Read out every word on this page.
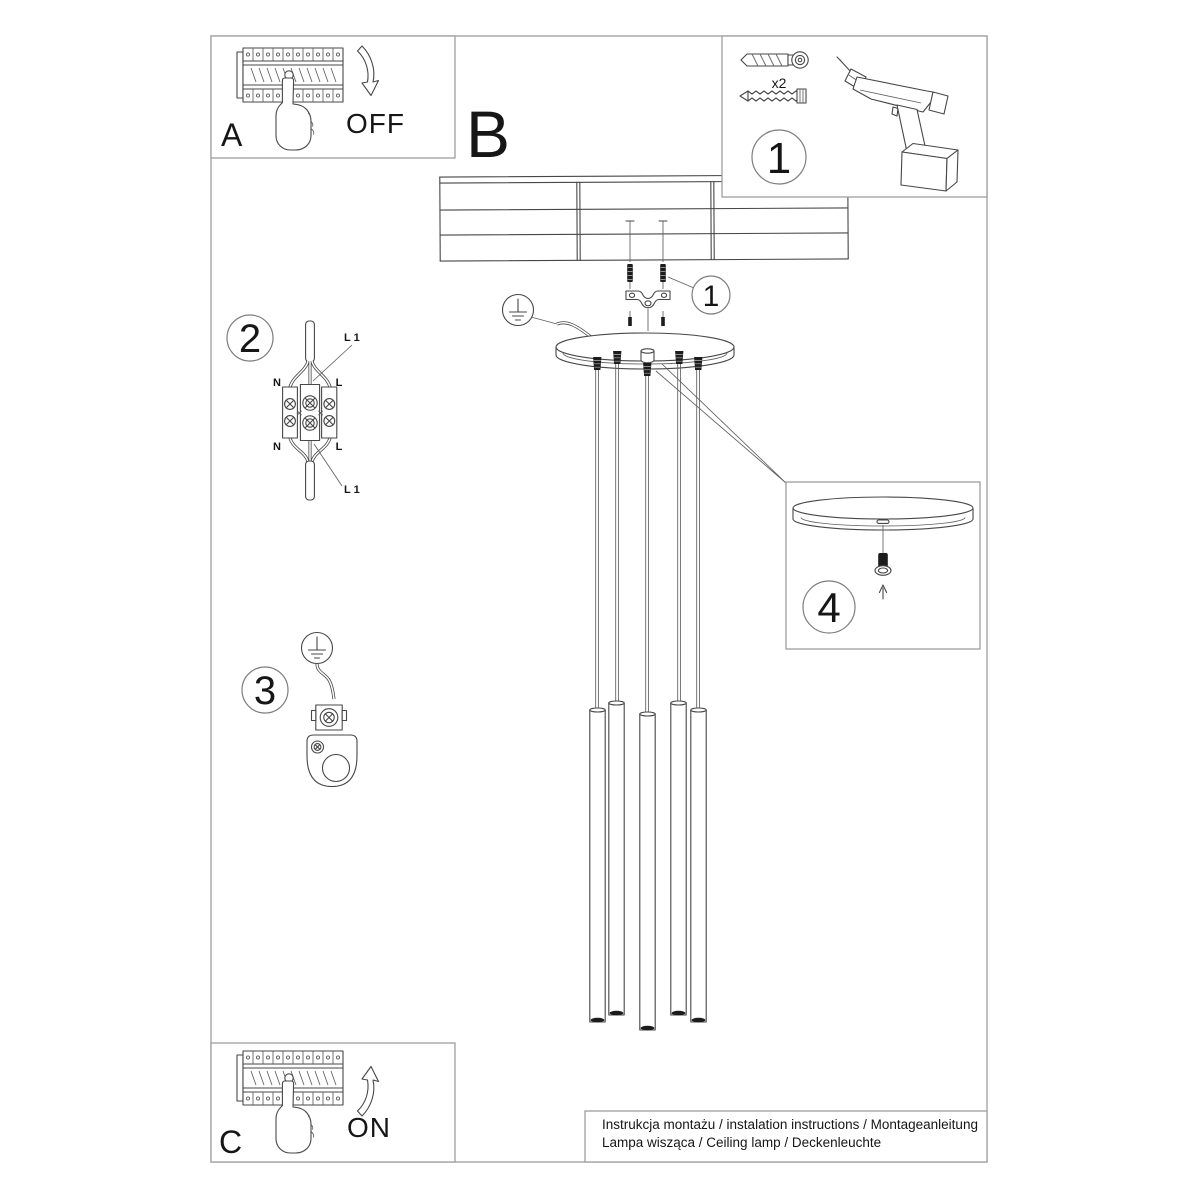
1
4
x2
1
A	OFF B
2
N	L
N	L
L 1
L 1
3
C	ON	Instrukcja montażu / instalation instructions / Montageanleitung
Lampa wisząca / Ceiling lamp / Deckenleuchte
